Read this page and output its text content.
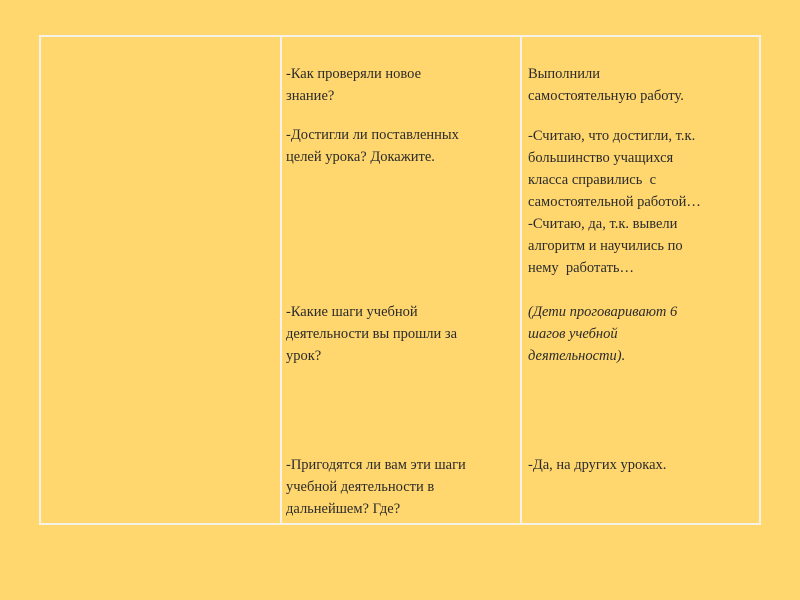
-Как проверяли новое
знание?

-Достигли ли поставленных
целей урока? Докажите.

-Какие шаги учебной
деятельности вы прошли за
урок?

-Пригодятся ли вам эти шаги
учебной деятельности в
дальнейшем? Где?

Выполнили
самостоятельную работу.

-Считаю, что достигли, т.к.
большинство учащихся
класса справились  с
самостоятельной работой…
-Считаю, да, т.к. вывели
алгоритм и научились по
нему  работать…

(Дети проговаривают 6
шагов учебной
деятельности).

-Да, на других уроках.
